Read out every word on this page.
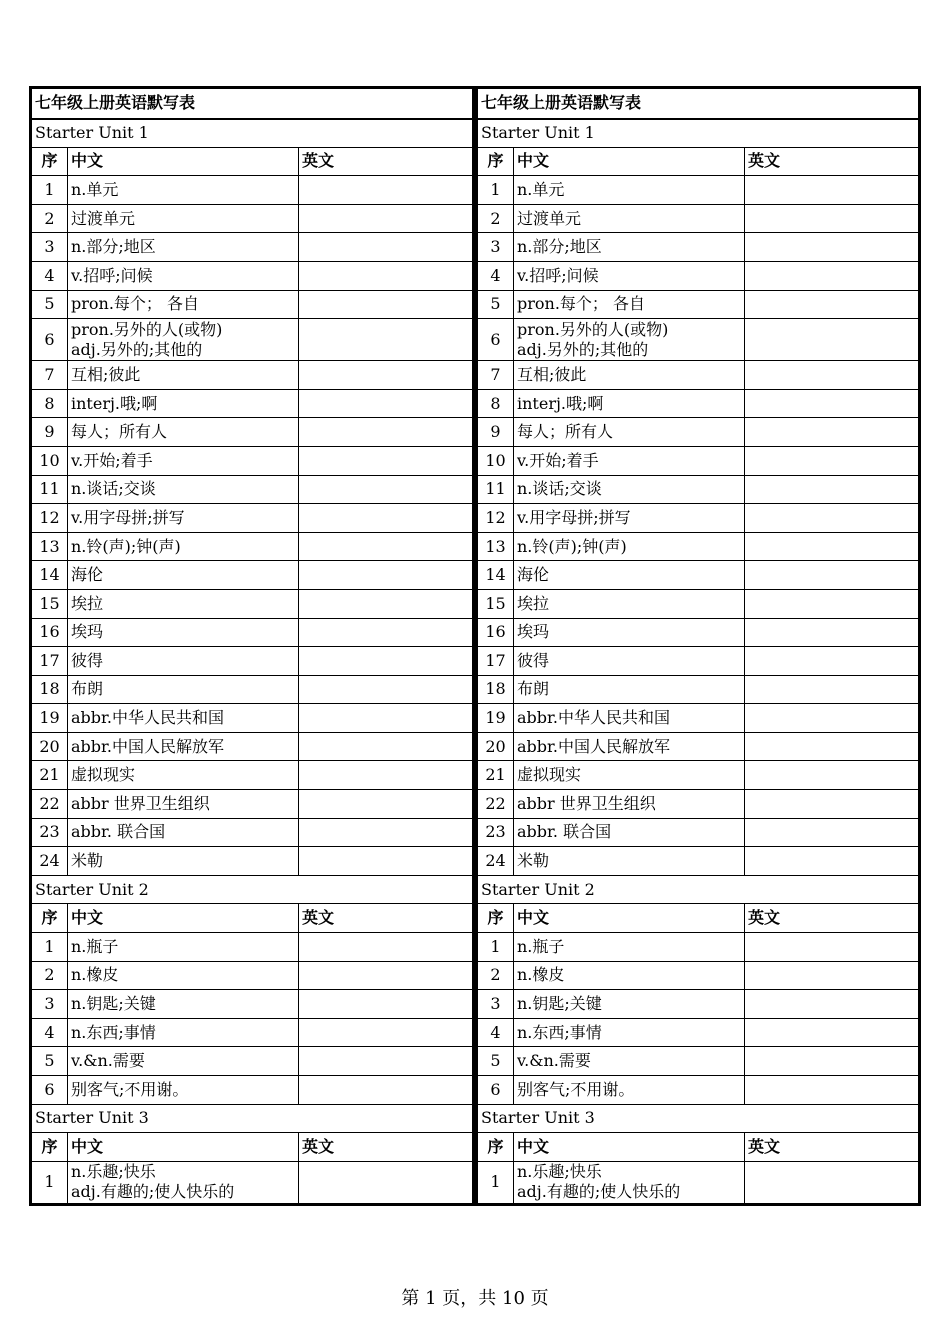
七年级上册英语默写表		
Starter Unit 1		
序	中文	英文
1	n.单元	

2	过渡单元	

3	n.部分;地区	

4	v.招呼;问候	

5	pron.每个； 各自	

6	pron.另外的人(或物)
adj.另外的;其他的	

7	互相;彼此	

8	interj.哦;啊	

9	每人；所有人	

10	v.开始;着手	

11	n.谈话;交谈	

12	v.用字母拼;拼写	

13	n.铃(声);钟(声)	

14	海伦	

15	埃拉	

16	埃玛	

17	彼得	

18	布朗	

19	abbr.中华人民共和国	

20	abbr.中国人民解放军	

21	虚拟现实	

22	abbr 世界卫生组织	

23	abbr. 联合国	

24	米勒	

Starter Unit 2		
序	中文	英文
1	n.瓶子	

2	n.橡皮	

3	n.钥匙;关键	

4	n.东西;事情	

5	v.&n.需要	

6	别客气;不用谢。	

Starter Unit 3		
序	中文	英文
1	n.乐趣;快乐
adj.有趣的;使人快乐的	

七年级上册英语默写表		
Starter Unit 1		
序	中文	英文
1	n.单元	

2	过渡单元	

3	n.部分;地区	

4	v.招呼;问候	

5	pron.每个； 各自	

6	pron.另外的人(或物)
adj.另外的;其他的	

7	互相;彼此	

8	interj.哦;啊	

9	每人；所有人	

10	v.开始;着手	

11	n.谈话;交谈	

12	v.用字母拼;拼写	

13	n.铃(声);钟(声)	

14	海伦	

15	埃拉	

16	埃玛	

17	彼得	

18	布朗	

19	abbr.中华人民共和国	

20	abbr.中国人民解放军	

21	虚拟现实	

22	abbr 世界卫生组织	

23	abbr. 联合国	

24	米勒	

Starter Unit 2		
序	中文	英文
1	n.瓶子	

2	n.橡皮	

3	n.钥匙;关键	

4	n.东西;事情	

5	v.&n.需要	

6	别客气;不用谢。	

Starter Unit 3		
序	中文	英文
1	n.乐趣;快乐
adj.有趣的;使人快乐的	

第 1 页，共 10 页
